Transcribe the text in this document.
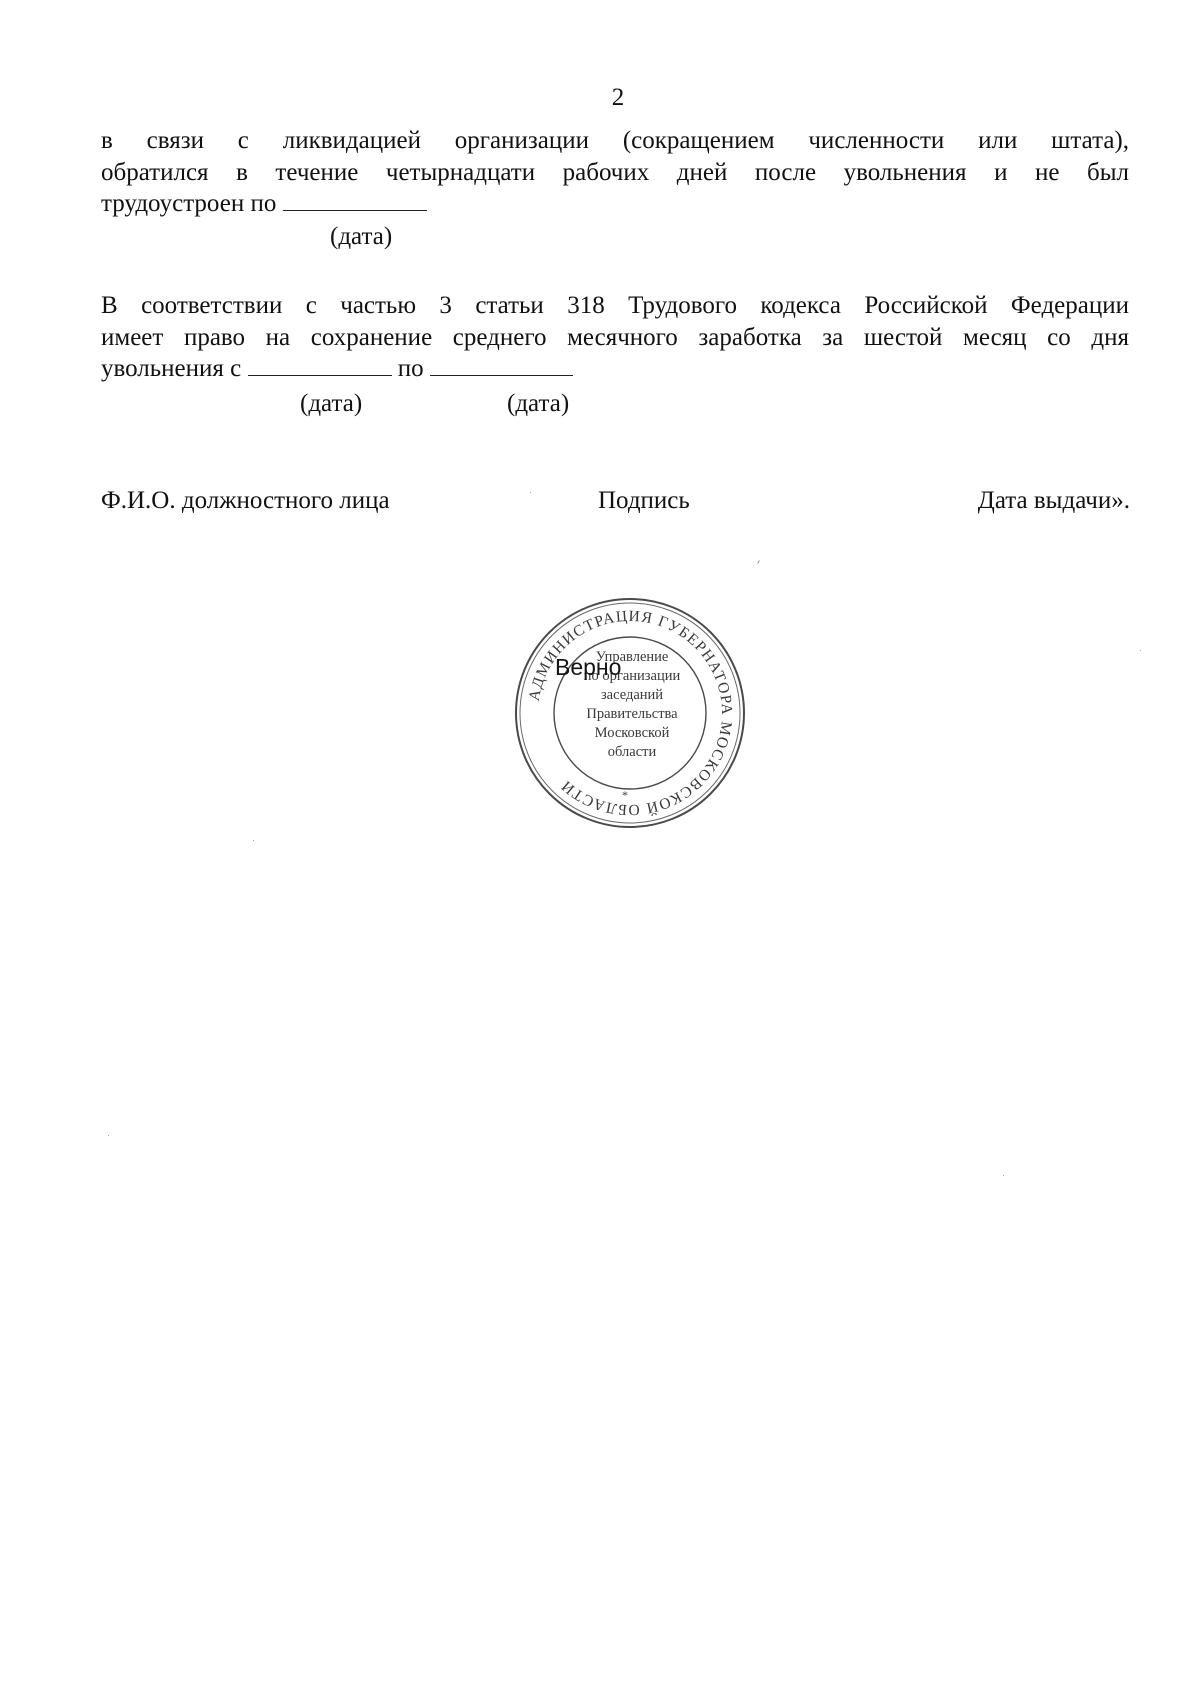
2
в связи с ликвидацией организации (сокращением численности или штата),
обратился в течение четырнадцати рабочих дней после увольнения и не был
трудоустроен по
(дата)
В соответствии с частью 3 статьи 318 Трудового кодекса Российской Федерации
имеет право на сохранение среднего месячного заработка за шестой месяц со дня
увольнения с	по
(дата)	(дата)
Ф.И.О. должностного лица	Подпись	Дата выдачи».
АДМИНИСТРАЦИЯ ГУБЕРНАТОРА МОСКОВСКОЙ ОБЛАСТИ
Управление
по организации
заседаний
Правительства
Московской
области
*
Верно
